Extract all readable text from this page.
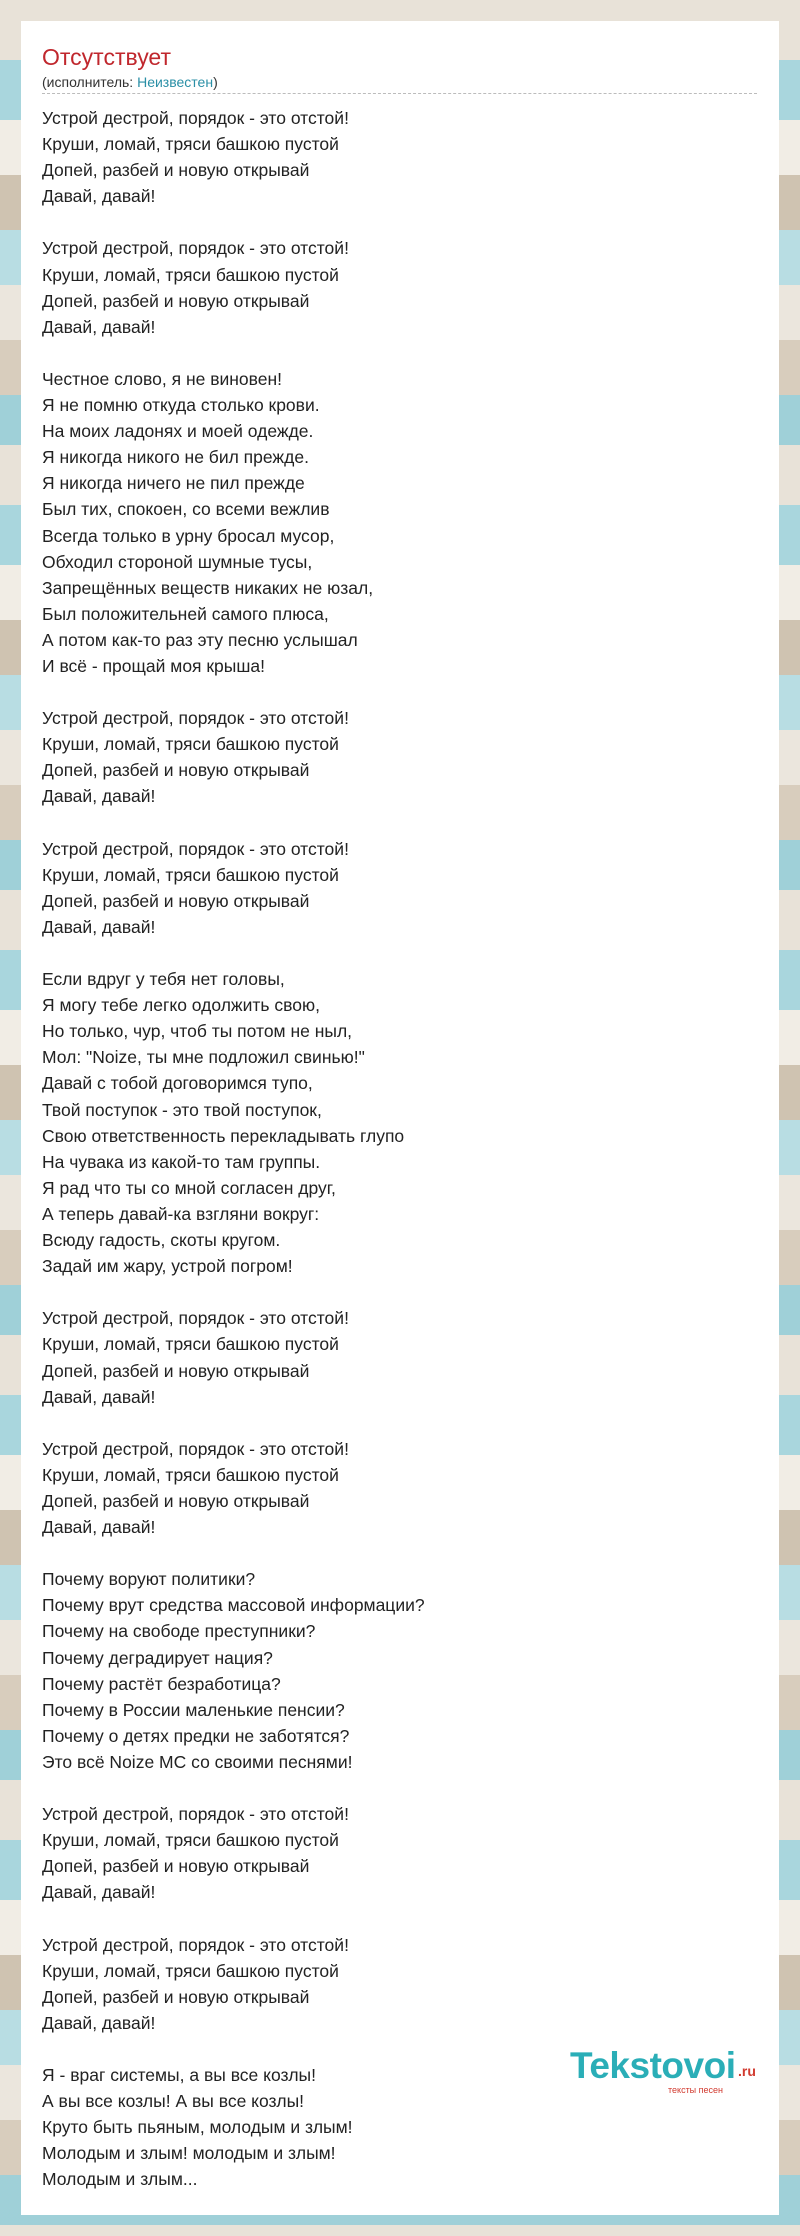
Отсутствует
(исполнитель: Неизвестен)
Устрой дестрой, порядок - это отстой!
Круши, ломай, тряси башкою пустой
Допей, разбей и новую открывай
Давай, давай!
Устрой дестрой, порядок - это отстой!
Круши, ломай, тряси башкою пустой
Допей, разбей и новую открывай
Давай, давай!
Честное слово, я не виновен!
Я не помню откуда столько крови.
На моих ладонях и моей одежде.
Я никогда никого не бил прежде.
Я никогда ничего не пил прежде
Был тих, спокоен, со всеми вежлив
Всегда только в урну бросал мусор,
Обходил стороной шумные тусы,
Запрещённых веществ никаких не юзал,
Был положительней самого плюса,
А потом как-то раз эту песню услышал
И всё - прощай моя крыша!
Устрой дестрой, порядок - это отстой!
Круши, ломай, тряси башкою пустой
Допей, разбей и новую открывай
Давай, давай!
Устрой дестрой, порядок - это отстой!
Круши, ломай, тряси башкою пустой
Допей, разбей и новую открывай
Давай, давай!
Если вдруг у тебя нет головы,
Я могу тебе легко одолжить свою,
Но только, чур, чтоб ты потом не ныл,
Мол: "Noize, ты мне подложил свинью!"
Давай с тобой договоримся тупо,
Твой поступок - это твой поступок,
Свою ответственность перекладывать глупо
На чувака из какой-то там группы.
Я рад что ты со мной согласен друг,
А теперь давай-ка взгляни вокруг:
Всюду гадость, скоты кругом.
Задай им жару, устрой погром!
Устрой дестрой, порядок - это отстой!
Круши, ломай, тряси башкою пустой
Допей, разбей и новую открывай
Давай, давай!
Устрой дестрой, порядок - это отстой!
Круши, ломай, тряси башкою пустой
Допей, разбей и новую открывай
Давай, давай!
Почему воруют политики?
Почему врут средства массовой информации?
Почему на свободе преступники?
Почему деградирует нация?
Почему растёт безработица?
Почему в России маленькие пенсии?
Почему о детях предки не заботятся?
Это всё Noize MC со своими песнями!
Устрой дестрой, порядок - это отстой!
Круши, ломай, тряси башкою пустой
Допей, разбей и новую открывай
Давай, давай!
Устрой дестрой, порядок - это отстой!
Круши, ломай, тряси башкою пустой
Допей, разбей и новую открывай
Давай, давай!
Я - враг системы, а вы все козлы!
А вы все козлы! А вы все козлы!
Круто быть пьяным, молодым и злым!
Молодым и злым! молодым и злым!
Молодым и злым...
Tekstovoi .ru
тексты песен
